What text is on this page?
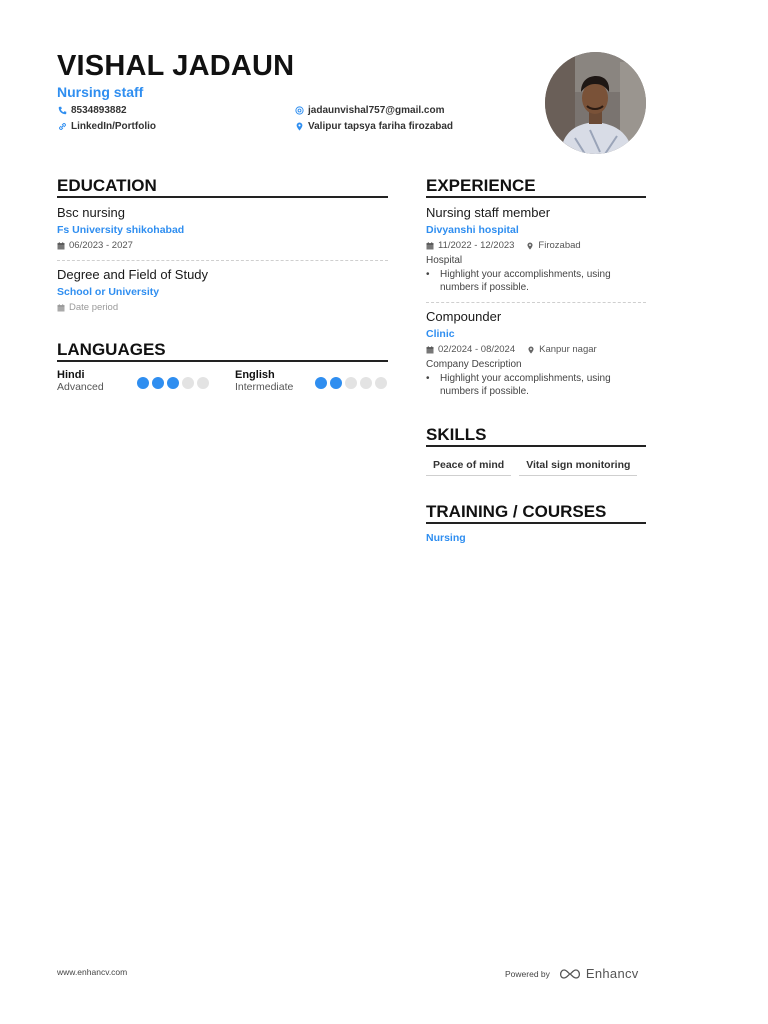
VISHAL JADAUN
Nursing staff
8534893882	jadaunvishal757@gmail.com
LinkedIn/Portfolio	Valipur tapsya fariha firozabad
EDUCATION
Bsc nursing
Fs University shikohabad
06/2023 - 2027
Degree and Field of Study
School or University
Date period
LANGUAGES
Hindi
Advanced
English
Intermediate
EXPERIENCE
Nursing staff member
Divyanshi hospital
11/2022 - 12/2023	Firozabad
Hospital
•	Highlight your accomplishments, using numbers if possible.
Compounder
Clinic
02/2024 - 08/2024	Kanpur nagar
Company Description
•	Highlight your accomplishments, using numbers if possible.
SKILLS
Peace of mind	Vital sign monitoring
TRAINING / COURSES
Nursing
www.enhancv.com	Powered by	Enhancv
